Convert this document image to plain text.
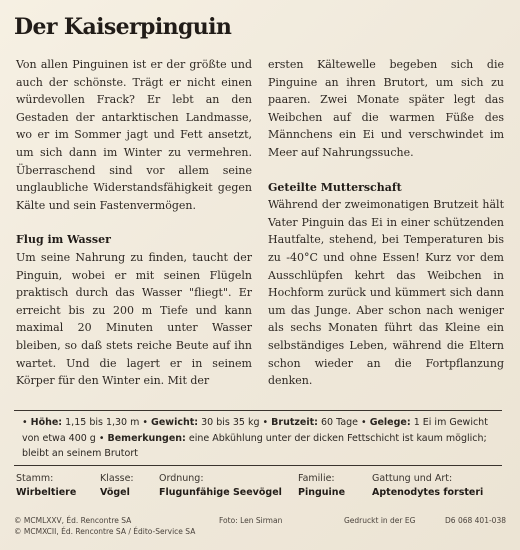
Der Kaiserpinguin

Von allen Pinguinen ist er der größte und auch der schönste. Trägt er nicht einen würdevollen Frack? Er lebt an den Gestaden der antarktischen Landmasse, wo er im Sommer jagt und Fett ansetzt, um sich dann im Winter zu vermehren. Überraschend sind vor allem seine unglaubliche Widerstandsfähigkeit gegen Kälte und sein Fastenvermögen.

Flug im Wasser

Um seine Nahrung zu finden, taucht der Pinguin, wobei er mit seinen Flügeln praktisch durch das Wasser "fliegt". Er erreicht bis zu 200 m Tiefe und kann maximal 20 Minuten unter Wasser bleiben, so daß stets reiche Beute auf ihn wartet. Und die lagert er in seinem Körper für den Winter ein. Mit der

ersten Kältewelle begeben sich die Pinguine an ihren Brutort, um sich zu paaren. Zwei Monate später legt das Weibchen auf die warmen Füße des Männchens ein Ei und verschwindet im Meer auf Nahrungssuche.

Geteilte Mutterschaft

Während der zweimonatigen Brutzeit hält Vater Pinguin das Ei in einer schützenden Hautfalte, stehend, bei Temperaturen bis zu -40°C und ohne Essen! Kurz vor dem Ausschlüpfen kehrt das Weibchen in Hochform zurück und kümmert sich dann um das Junge. Aber schon nach weniger als sechs Monaten führt das Kleine ein selbständiges Leben, während die Eltern schon wieder an die Fortpflanzung denken.

• Höhe: 1,15 bis 1,30 m • Gewicht: 30 bis 35 kg • Brutzeit: 60 Tage • Gelege: 1 Ei im Gewicht von etwa 400 g • Bemerkungen: eine Abkühlung unter der dicken Fettschicht ist kaum möglich; bleibt an seinem Brutort
Stamm:
Wirbeltiere
Klasse:
Vögel
Ordnung:
Flugunfähige Seevögel
Familie:
Pinguine
Gattung und Art:
Aptenodytes forsteri
© MCMLXXV, Éd. Rencontre SA
© MCMXCII, Éd. Rencontre SA / Édito-Service SA
Foto: Len Sirman	Gedruckt in der EG	D6 068 401-038
